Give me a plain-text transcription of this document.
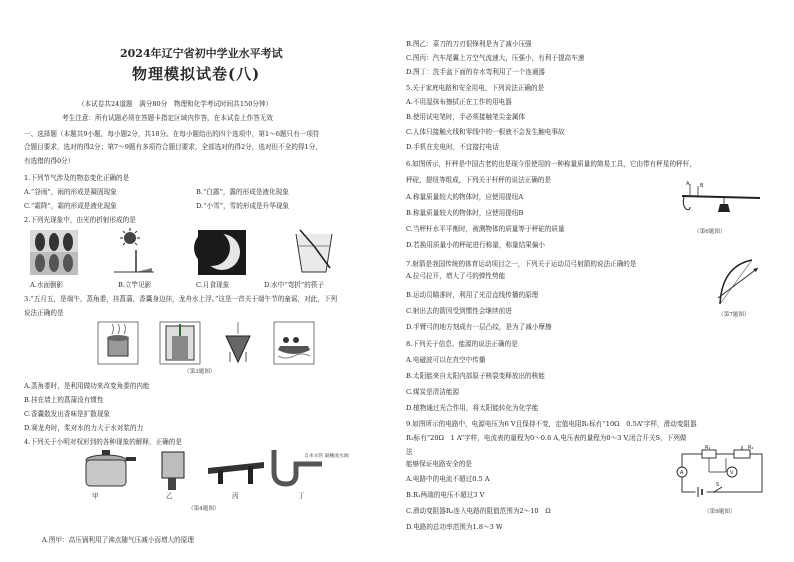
2024年辽宁省初中学业水平考试
物理模拟试卷(八)
（本试卷共24道题　满分80分　物理和化学考试时间共150分钟）
考生注意：所有试题必须在答题卡指定区域内作答，在本试卷上作答无效
一、选择题（本题共9小题，每小题2分，共18分。在每小题给出的四个选项中，第1～6题只有一项符
合题目要求，选对的得2分；第7～9题有多项符合题目要求，全部选对的得2分，选对但不全的得1分，
有选错的得0分）
1.下列节气涉及的物态变化正确的是
A.“谷雨”，雨的形成是凝固现象	B.“白露”，露的形成是液化现象
C.“霜降”，霜的形成是液化现象	D.“小雪”，雪的形成是升华现象
2.下列光现象中，由光的折射形成的是
A.水面倒影	B.立竿见影	C.月食现象	D.水中“弯折”的筷子
3.“五月五，是端午，蒸角黍，挂菖蒲，香囊身边挂，龙舟水上浮。”这是一首关于端午节的童谣，对此，下列
说法正确的是
（第3题图）
A.蒸角黍时，是利用做功来改变角黍的内能
B.挂在墙上的菖蒲没有惯性
C.香囊散发出香味是扩散现象
D.赛龙舟时，浆对水的力大于水对浆的力
4.下列关于小明对权形到的各种现象的解释，正确的是
自来水管 隔栅流水阀
甲	乙	丙	丁
（第4题图）
A.图甲：高压锅利用了沸点随气压减小而增大的原理
B.图乙：菜刀的刀刃很锋利是为了减小压强
C.图丙：汽车尾翼上方空气流速大，压强小，有利于提高车速
D.图丁：洗手盆下面的存水弯利用了一个连通器
5.关于家庭电路和安全用电，下列说法正确的是
A.不用湿抹布擦拭正在工作的用电器
B.使用试电笔时，手必须接触笔尖金属体
C.人体只接触火线和零线中的一根就不会发生触电事故
D.手机在充电时，不宜接打电话
6.如图所示，杆秤是中国古老的也是现今很使用的一种称量质量的简易工具，它由带有秤星的秤杆，
秤砣，提纽等组成，下列关于杆秤的说法正确的是
A.称量质量较大的物体时，应使用提纽A
B.称量质量较大的物体时，应使用提纽B
C.当秤杆水平平衡时，被测物体的质量等于秤砣的质量
D.若换用质量小的秤砣进行称量，称量结果偏小
A B
（第6题图）
7.射箭是我国传统的体育运动项目之一，下列关于运动员弓射箭的说法正确的是
A.拉弓拉开，增大了弓的弹性势能
B.运动员瞄准时，利用了光沿直线传播的原理
C.射出去的箭因受到惯性会继续前进
D.手臂弓的地方刻成有一层凸纹，是为了减小摩擦
（第7题图）
8.下列关于信息、能源的说法正确的是
A.电磁波可以在真空中传播
B.太阳能来自太阳内部原子核裂变释放出的核能
C.煤炭是清洁能源
D.植物通过光合作用，将太阳能转化为化学能
9.如图所示的电路中，电源电压为6 V且保持不变，定值电阻R₁标有“10Ω　0.5A”字样，滑动变阻器
R₂标有“20Ω　1 A”字样，电流表的量程为0～0.6 A,电压表的量程为0～3 V,闭合开关S，下列做
法
能够保证电路安全的是
A.电路中的电流不超过0.5 A
B.R₁两端的电压不超过3 V
C.滑动变阻器R₂连入电路的阻值范围为2～10　Ω
D.电路的总功率范围为1.8～3 W
R₁	R₂
A	V
S
（第9题图）
